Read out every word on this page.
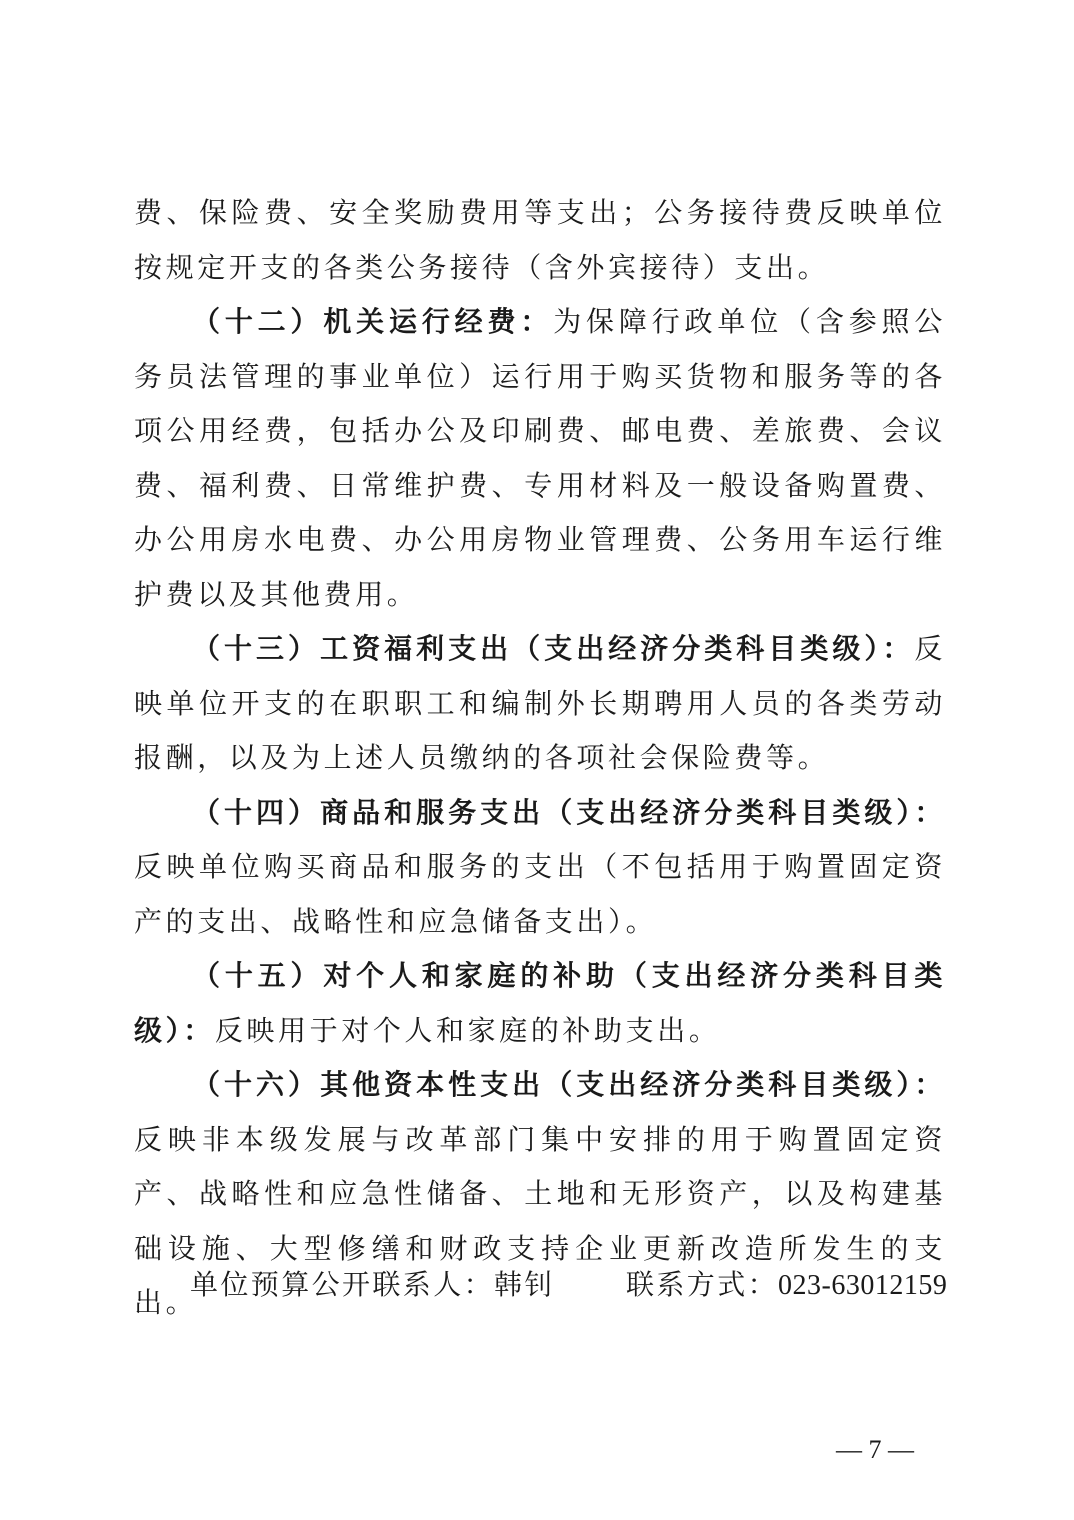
费、保险费、安全奖励费用等支出；公务接待费反映单位按规定开支的各类公务接待（含外宾接待）支出。

（十二）机关运行经费：为保障行政单位（含参照公务员法管理的事业单位）运行用于购买货物和服务等的各项公用经费，包括办公及印刷费、邮电费、差旅费、会议费、福利费、日常维护费、专用材料及一般设备购置费、办公用房水电费、办公用房物业管理费、公务用车运行维护费以及其他费用。

（十三）工资福利支出（支出经济分类科目类级）：反映单位开支的在职职工和编制外长期聘用人员的各类劳动报酬，以及为上述人员缴纳的各项社会保险费等。

（十四）商品和服务支出（支出经济分类科目类级）：反映单位购买商品和服务的支出（不包括用于购置固定资产的支出、战略性和应急储备支出）。

（十五）对个人和家庭的补助（支出经济分类科目类级）：反映用于对个人和家庭的补助支出。

（十六）其他资本性支出（支出经济分类科目类级）：反映非本级发展与改革部门集中安排的用于购置固定资产、战略性和应急性储备、土地和无形资产，以及构建基础设施、大型修缮和财政支持企业更新改造所发生的支出。

单位预算公开联系人：韩钊	联系方式：023-63012159
— 7 —
